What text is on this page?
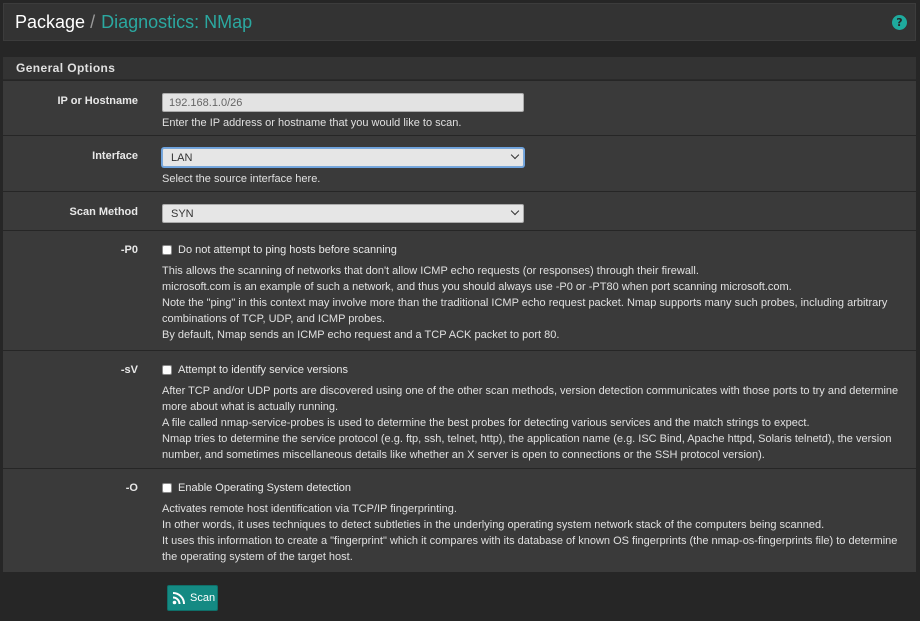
Package / Diagnostics: NMap	?
General Options
IP or Hostname	192.168.1.0/26
Enter the IP address or hostname that you would like to scan.
Interface	LAN
Select the source interface here.
Scan Method	SYN
-P0	Do not attempt to ping hosts before scanning
This allows the scanning of networks that don't allow ICMP echo requests (or responses) through their firewall.
microsoft.com is an example of such a network, and thus you should always use -P0 or -PT80 when port scanning microsoft.com.
Note the "ping" in this context may involve more than the traditional ICMP echo request packet. Nmap supports many such probes, including arbitrary combinations of TCP, UDP, and ICMP probes.
By default, Nmap sends an ICMP echo request and a TCP ACK packet to port 80.
-sV	Attempt to identify service versions
After TCP and/or UDP ports are discovered using one of the other scan methods, version detection communicates with those ports to try and determine more about what is actually running.
A file called nmap-service-probes is used to determine the best probes for detecting various services and the match strings to expect.
Nmap tries to determine the service protocol (e.g. ftp, ssh, telnet, http), the application name (e.g. ISC Bind, Apache httpd, Solaris telnetd), the version number, and sometimes miscellaneous details like whether an X server is open to connections or the SSH protocol version).
-O	Enable Operating System detection
Activates remote host identification via TCP/IP fingerprinting.
In other words, it uses techniques to detect subtleties in the underlying operating system network stack of the computers being scanned.
It uses this information to create a "fingerprint" which it compares with its database of known OS fingerprints (the nmap-os-fingerprints file) to determine the operating system of the target host.
Scan
